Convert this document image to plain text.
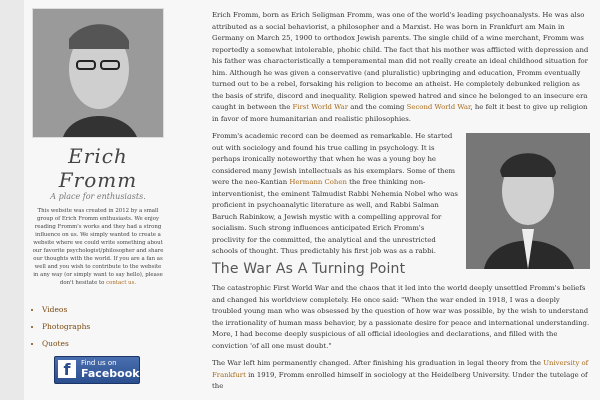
Erich Fromm
A place for enthusiasts.
This website was created in 2012 by a small group of Erich Fromm enthusiasts. We enjoy reading Fromm's works and they had a strong influence on us. We simply wanted to create a website where we could write something about our favorite psychologist/philosopher and share our thoughts with the world. If you are a fan as well and you wish to contribute to the website in any way (or simply want to say hello), please don't hesitate to contact us.
• Videos
• Photographs
• Quotes
f	Find us on
Facebook

Erich Fromm, born as Erich Seligman Fromm, was one of the world's leading psychoanalysts. He was also attributed as a social behaviorist, a philosopher and a Marxist. He was born in Frankfurt am Main in Germany on March 25, 1900 to orthodox Jewish parents. The single child of a wine merchant, Fromm was reportedly a somewhat intolerable, phobic child. The fact that his mother was afflicted with depression and his father was characteristically a temperamental man did not really create an ideal childhood situation for him. Although he was given a conservative (and pluralistic) upbringing and education, Fromm eventually turned out to be a rebel, forsaking his religion to become an atheist. He completely debunked religion as the basis of strife, discord and inequality. Religion spewed hatred and since he belonged to an insecure era caught in between the First World War and the coming Second World War, he felt it best to give up religion in favor of more humanitarian and realistic philosophies.

Fromm's academic record can be deemed as remarkable. He started out with sociology and found his true calling in psychology. It is perhaps ironically noteworthy that when he was a young boy he considered many Jewish intellectuals as his exemplars. Some of them were the neo-Kantian Hermann Cohen the free thinking non-interventionist, the eminent Talmudist Rabbi Nehemia Nobel who was proficient in psychoanalytic literature as well, and Rabbi Salman Baruch Rabinkow, a Jewish mystic with a compelling approval for socialism. Such strong influences anticipated Erich Fromm's proclivity for the committed, the analytical and the unrestricted schools of thought. Thus predictably his first job was as a rabbi.

The War As A Turning Point

The catastrophic First World War and the chaos that it led into the world deeply unsettled Fromm's beliefs and changed his worldview completely. He once said: "When the war ended in 1918, I was a deeply troubled young man who was obsessed by the question of how war was possible, by the wish to understand the irrationality of human mass behavior, by a passionate desire for peace and international understanding. More, I had become deeply suspicious of all official ideologies and declarations, and filled with the conviction 'of all one must doubt."

The War left him permanently changed. After finishing his graduation in legal theory from the University of Frankfurt in 1919, Fromm enrolled himself in sociology at the Heidelberg University. Under the tutelage of the
